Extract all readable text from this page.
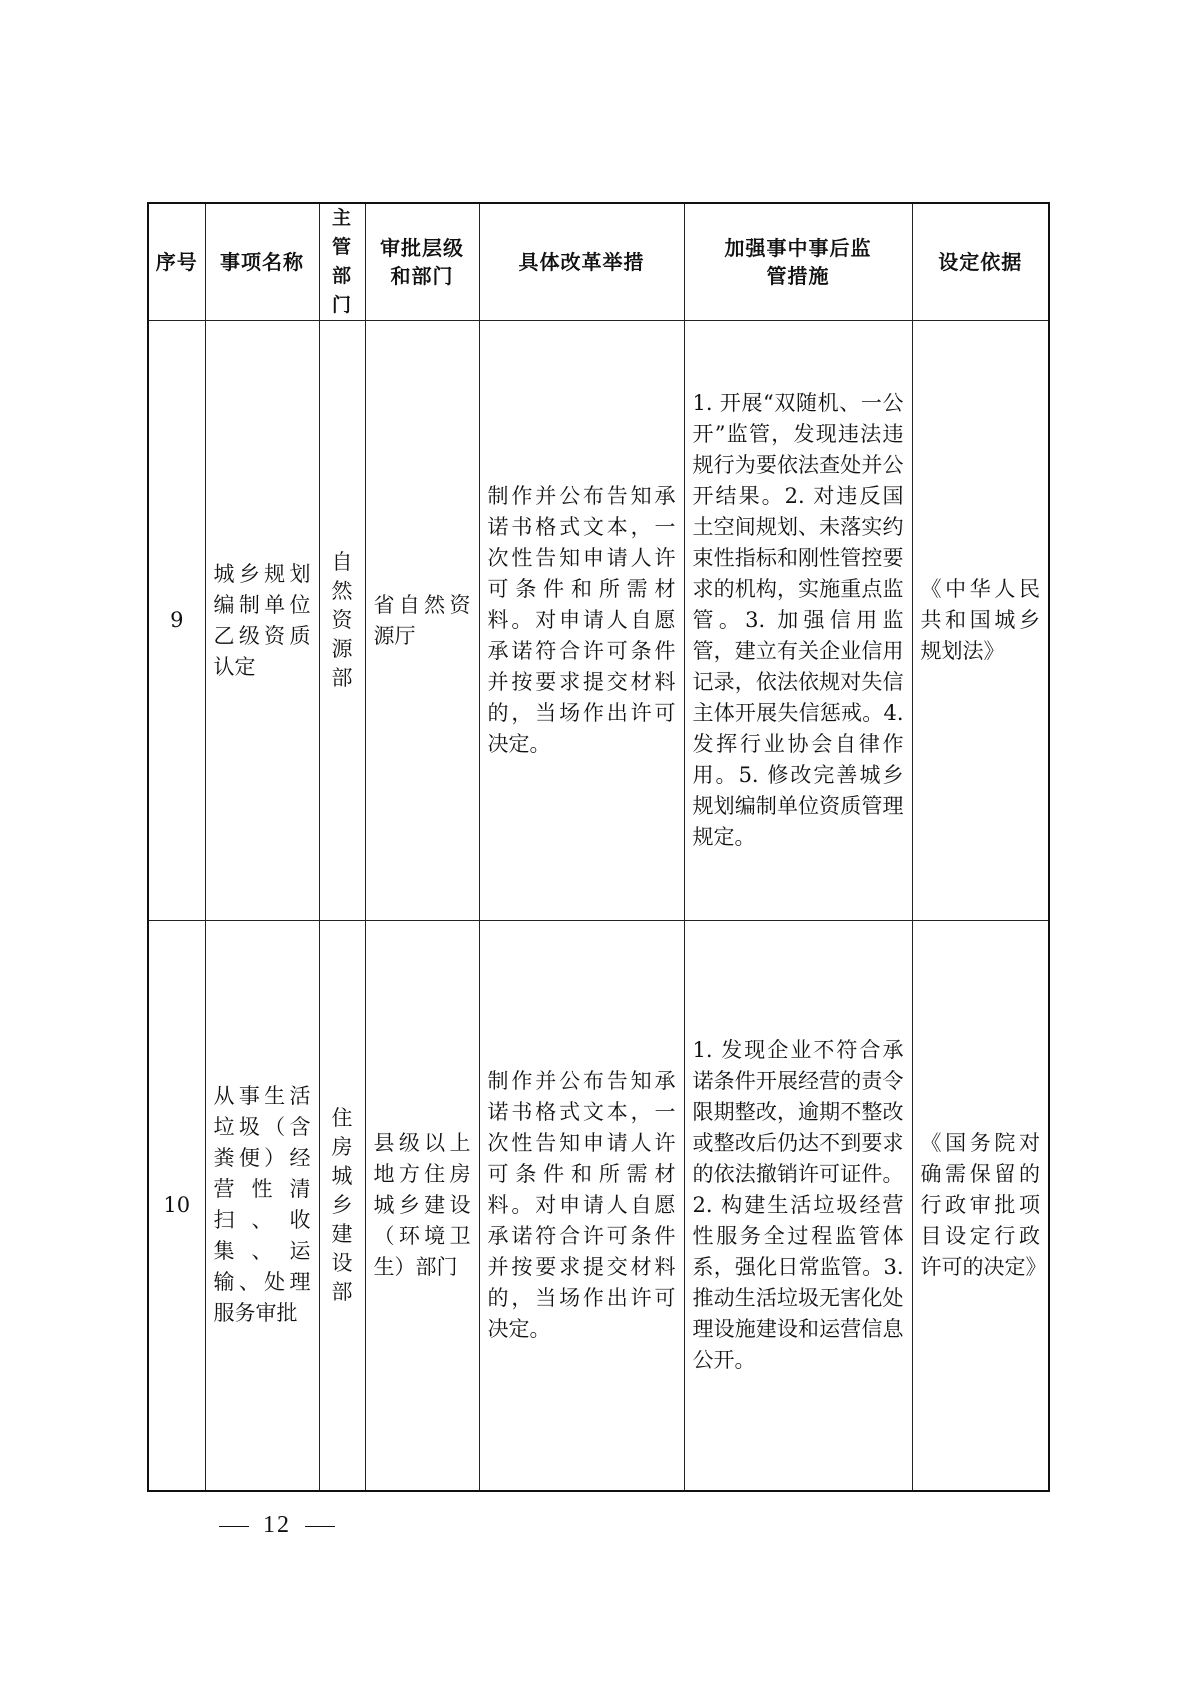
序号	事项名称	主管部门	审批层级和部门	具体改革举措	加强事中事后监管措施	设定依据
9	城乡规划编制单位乙级资质认定	自然资源部	省自然资源厅	制作并公布告知承诺书格式文本，一次性告知申请人许可条件和所需材料。对申请人自愿承诺符合许可条件并按要求提交材料的，当场作出许可决定。	1. 开展“双随机、一公开”监管，发现违法违规行为要依法查处并公开结果。2. 对违反国土空间规划、未落实约束性指标和刚性管控要求的机构，实施重点监管。3. 加强信用监管，建立有关企业信用记录，依法依规对失信主体开展失信惩戒。4. 发挥行业协会自律作用。5. 修改完善城乡规划编制单位资质管理规定。	《中华人民共和国城乡规划法》

10	从事生活垃圾（含粪便）经营性清扫、收集、运输、处理服务审批	住房城乡建设部	县级以上地方住房城乡建设（环境卫生）部门	制作并公布告知承诺书格式文本，一次性告知申请人许可条件和所需材料。对申请人自愿承诺符合许可条件并按要求提交材料的，当场作出许可决定。	1. 发现企业不符合承诺条件开展经营的责令限期整改，逾期不整改或整改后仍达不到要求的依法撤销许可证件。2. 构建生活垃圾经营性服务全过程监管体系，强化日常监管。3. 推动生活垃圾无害化处理设施建设和运营信息公开。	《国务院对确需保留的行政审批项目设定行政许可的决定》
12
